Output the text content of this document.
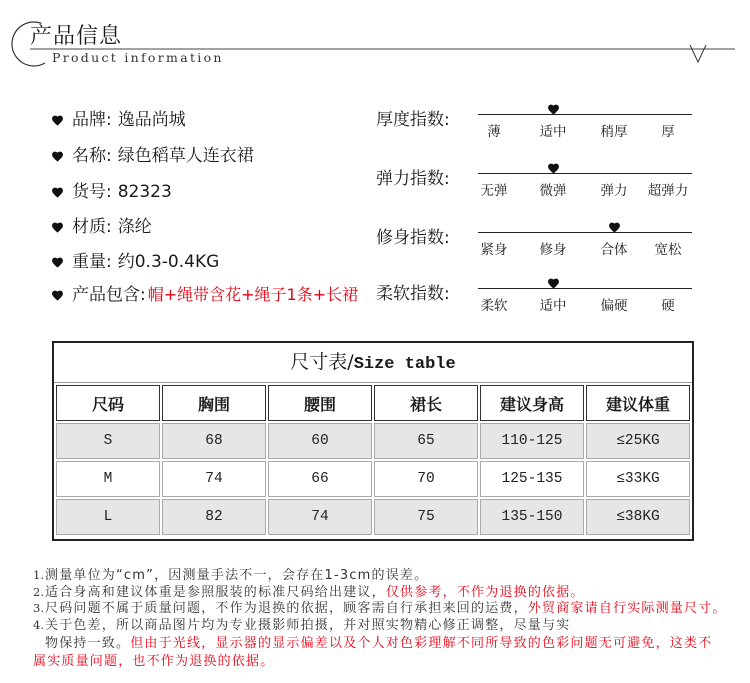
产品信息
Product information
品牌: 逸品尚城
名称: 绿色稻草人连衣裙
货号: 82323
材质: 涤纶
重量: 约0.3-0.4KG
产品包含: 帽+绳带含花+绳子1条+长裙
厚度指数:
薄	适中	稍厚	厚
弹力指数:
无弹 微弹	弹力 超弹力
修身指数:
紧身 修身	合体 宽松
柔软指数:
柔软 适中	偏硬	硬
尺寸表/Size table
尺码	胸围	腰围	裙长	建议身高	建议体重
S	68	60	65	110-125	≤25KG
M	74	66	70	125-135	≤33KG
L	82	74	75	135-150	≤38KG
1.测量单位为“cm”，因测量手法不一，会存在1-3cm的误差。
2.适合身高和建议体重是参照服装的标准尺码给出建议，仅供参考，不作为退换的依据。
3.尺码问题不属于质量问题，不作为退换的依据，顾客需自行承担来回的运费，外贸商家请自行实际测量尺寸。
4.关于色差，所以商品图片均为专业摄影师拍摄，并对照实物精心修正调整，尽量与实
物保持一致。但由于光线，显示器的显示偏差以及个人对色彩理解不同所导致的色彩问题无可避免，这类不
属实质量问题，也不作为退换的依据。
